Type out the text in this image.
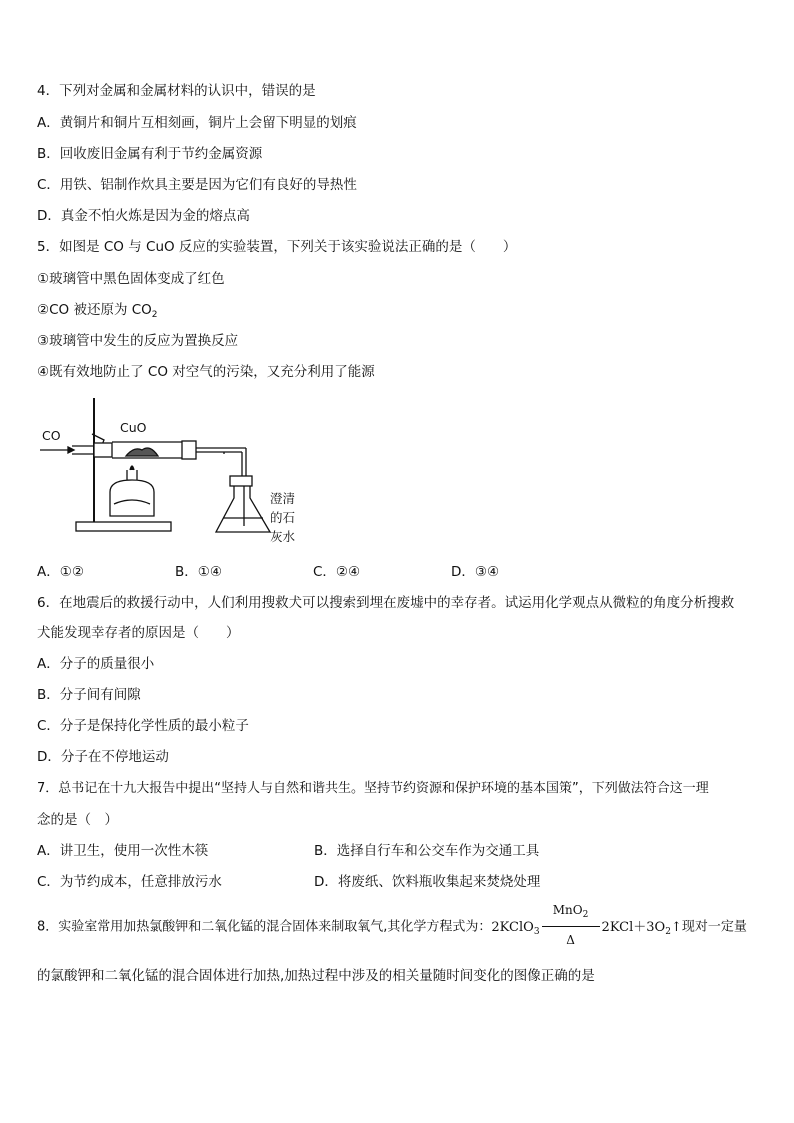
4．下列对金属和金属材料的认识中，错误的是
A．黄铜片和铜片互相刻画，铜片上会留下明显的划痕
B．回收废旧金属有利于节约金属资源
C．用铁、铝制作炊具主要是因为它们有良好的导热性
D．真金不怕火炼是因为金的熔点高
5．如图是 CO 与 CuO 反应的实验装置，下列关于该实验说法正确的是（　　）
①玻璃管中黑色固体变成了红色
②CO 被还原为 $CO_2$
③玻璃管中发生的反应为置换反应
④既有效地防止了 CO 对空气的污染，又充分利用了能源
CO
CuO
澄清
的石
灰水
A．①②	B．①④	C．②④	D．③④
6．在地震后的救援行动中，人们利用搜救犬可以搜索到埋在废墟中的幸存者。试运用化学观点从微粒的角度分析搜救
犬能发现幸存者的原因是（　　）
A．分子的质量很小
B．分子间有间隙
C．分子是保持化学性质的最小粒子
D．分子在不停地运动
7．总书记在十九大报告中提出“坚持人与自然和谐共生。坚持节约资源和保护环境的基本国策”，下列做法符合这一理
念的是（　）
A．讲卫生，使用一次性木筷	B．选择自行车和公交车作为交通工具
C．为节约成本，任意排放污水	D．将废纸、饮料瓶收集起来焚烧处理
8．实验室常用加热氯酸钾和二氧化锰的混合固体来制取氧气,其化学方程式为：2KClO$_3$ $\frac{MnO_2}{\Delta}$ $2KCl+3O_2↑$现对一定量
的氯酸钾和二氧化锰的混合固体进行加热,加热过程中涉及的相关量随时间变化的图像正确的是
